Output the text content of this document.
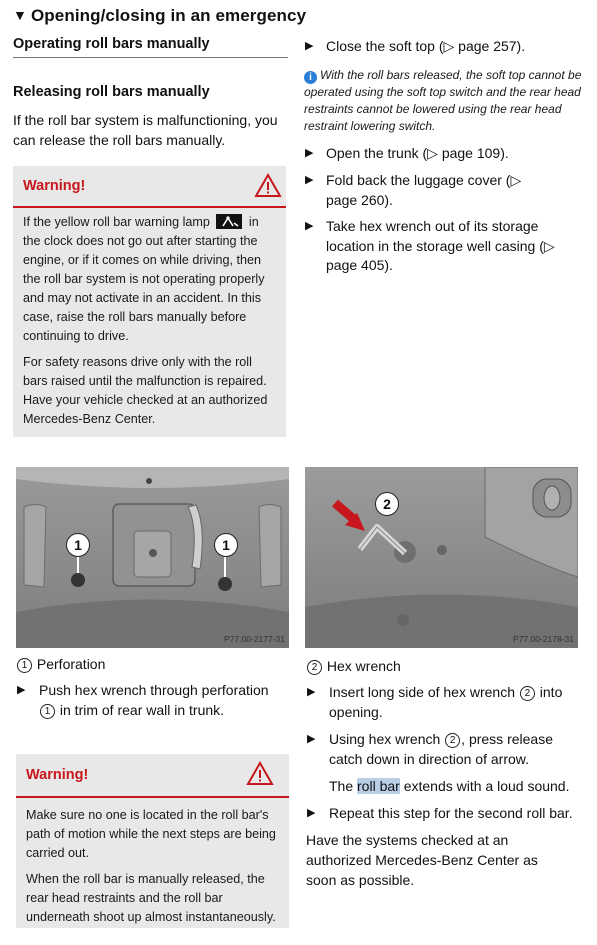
▼ Opening/closing in an emergency
Operating roll bars manually
Releasing roll bars manually
If the roll bar system is malfunctioning, you can release the roll bars manually.
Warning!

If the yellow roll bar warning lamp	in the clock does not go out after starting the engine, or if it comes on while driving, then the roll bar system is not operating properly and may not activate in an accident. In this case, raise the roll bars manually before continuing to drive.

For safety reasons drive only with the roll bars raised until the malfunction is repaired. Have your vehicle checked at an authorized Mercedes-Benz Center.

▶ Close the soft top (▷ page 257).
i With the roll bars released, the soft top cannot be operated using the soft top switch and the rear head restraints cannot be lowered using the rear head restraint lowering switch.
▶ Open the trunk (▷ page 109).
▶ Fold back the luggage cover (▷ page 260).
▶ Take hex wrench out of its storage location in the storage well casing (▷ page 405).
1	1
P77.00-2177-31
2
P77.00-2178-31
1 Perforation
▶ Push hex wrench through perforation 1 in trim of rear wall in trunk.
Warning!

Make sure no one is located in the roll bar's path of motion while the next steps are being carried out.

When the roll bar is manually released, the rear head restraints and the roll bar underneath shoot up almost instantaneously.

2 Hex wrench
▶ Insert long side of hex wrench 2 into opening.
▶ Using hex wrench 2 , press release catch down in direction of arrow.
The roll bar extends with a loud sound.
▶ Repeat this step for the second roll bar.
Have the systems checked at an authorized Mercedes-Benz Center as soon as possible.
